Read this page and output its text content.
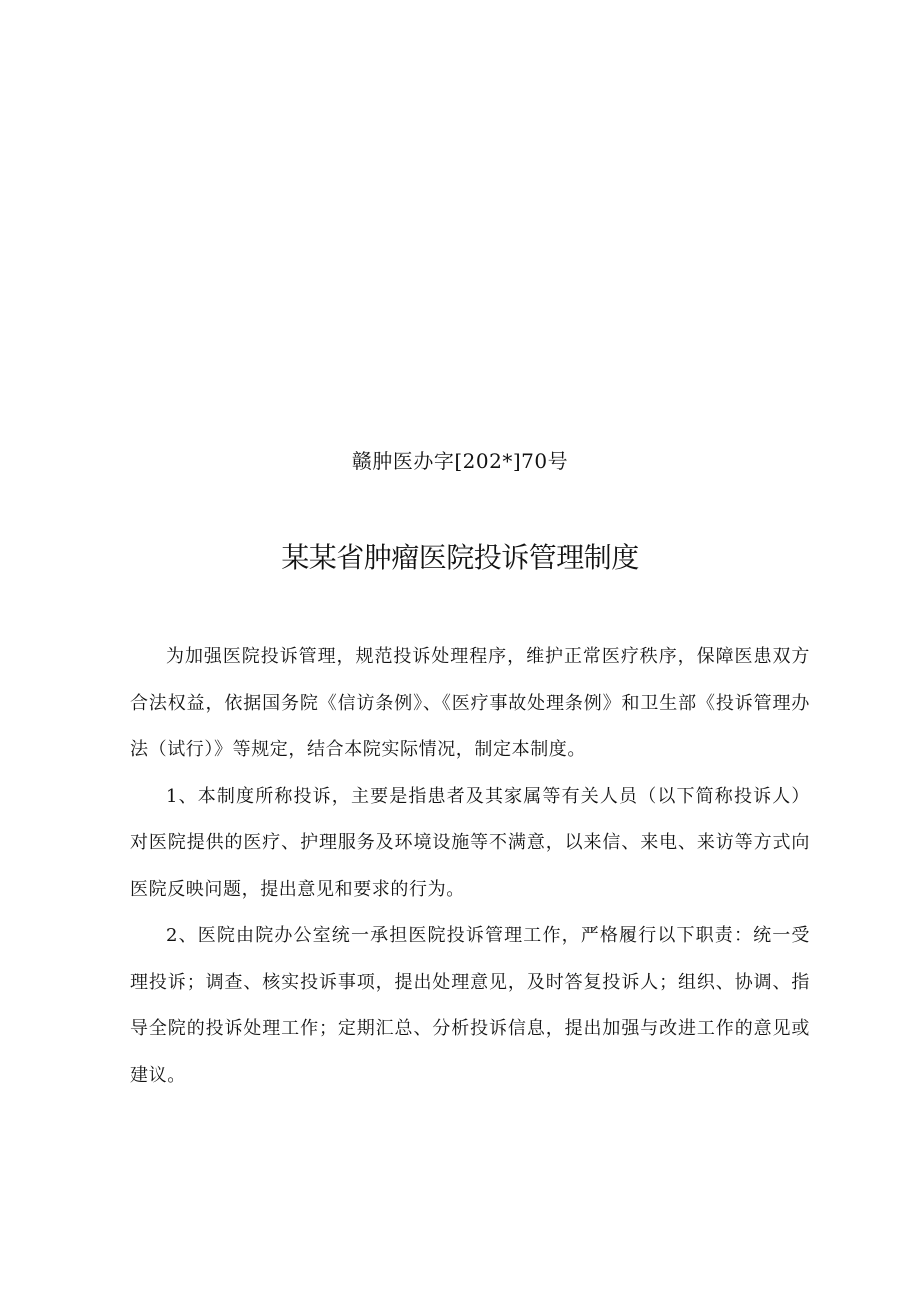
赣肿医办字[202*]70号
某某省肿瘤医院投诉管理制度

为加强医院投诉管理，规范投诉处理程序，维护正常医疗秩序，保障医患双方合法权益，依据国务院《信访条例》、《医疗事故处理条例》和卫生部《投诉管理办法（试行）》等规定，结合本院实际情况，制定本制度。

1、本制度所称投诉，主要是指患者及其家属等有关人员（以下简称投诉人）对医院提供的医疗、护理服务及环境设施等不满意，以来信、来电、来访等方式向医院反映问题，提出意见和要求的行为。

2、医院由院办公室统一承担医院投诉管理工作，严格履行以下职责：统一受理投诉；调查、核实投诉事项，提出处理意见，及时答复投诉人；组织、协调、指导全院的投诉处理工作；定期汇总、分析投诉信息，提出加强与改进工作的意见或建议。
